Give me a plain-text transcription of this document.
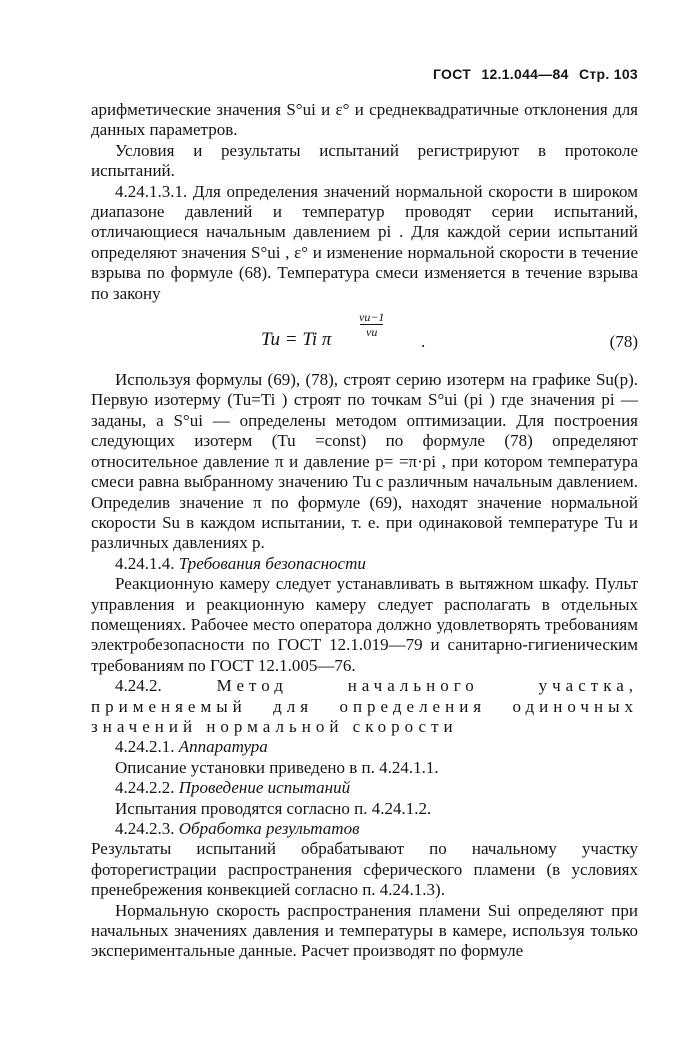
ГОСТ 12.1.044—84 Стр. 103

арифметические значения S°ui и ε° и среднеквадратичные отклонения для данных параметров.

Условия и результаты испытаний регистрируют в протоколе испытаний.

4.24.1.3.1. Для определения значений нормальной скорости в широком диапазоне давлений и температур проводят серии испытаний, отличающиеся начальным давлением pi . Для каждой серии испытаний определяют значения S°ui , ε° и изменение нормальной скорости в течение взрыва по формуле (68). Температура смеси изменяется в течение взрыва по закону

Tu = Ti π
$\frac{vu-1}{vu}$
.	(78)

Используя формулы (69), (78), строят серию изотерм на графике Su(p). Первую изотерму (Tu=Ti ) строят по точкам S°ui (pi ) где значения pi — заданы, а S°ui — определены методом оптимизации. Для построения следующих изотерм (Tu =const) по формуле (78) определяют относительное давление π и давление p= =π·pi , при котором температура смеси равна выбранному значению Tu с различным начальным давлением. Определив значение π по формуле (69), находят значение нормальной скорости Su в каждом испытании, т. е. при одинаковой температуре Tu и различных давлениях p.

4.24.1.4. Требования безопасности

Реакционную камеру следует устанавливать в вытяжном шкафу. Пульт управления и реакционную камеру следует располагать в отдельных помещениях. Рабочее место оператора должно удовлетворять требованиям электробезопасности по ГОСТ 12.1.019—79 и санитарно-гигиеническим требованиям по ГОСТ 12.1.005—76.

4.24.2.	Метод начального участка, применяемый для определения одиночных значений нормальной скорости

4.24.2.1. Аппаратура

Описание установки приведено в п. 4.24.1.1.

4.24.2.2. Проведение испытаний

Испытания проводятся согласно п. 4.24.1.2.

4.24.2.3. Обработка результатов

Результаты испытаний обрабатывают по начальному участку фоторегистрации распространения сферического пламени (в условиях пренебрежения конвекцией согласно п. 4.24.1.3).

Нормальную скорость распространения пламени Sui определяют при начальных значениях давления и температуры в камере, используя только экспериментальные данные. Расчет производят по формуле
